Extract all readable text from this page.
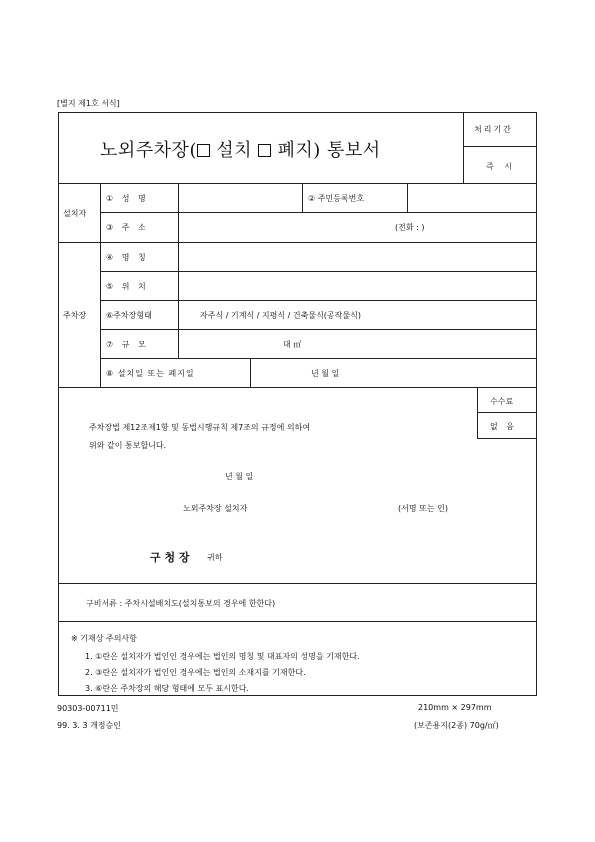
[별지 제1호 서식]
노외주차장( 설치 폐지) 통보서
처리기간
즉 시
설치자
① 성 명	② 주민등록번호
③ 주 소	(전화 : )
주차장
④ 명 칭
⑤ 위 치
⑥주차장형태	자주식 / 기계식 / 지평식 / 건축물식(공작물식)
⑦ 규 모	대 ㎡
⑧ 설치일 또는 폐지일	년 월 일
수수료
없 음
주차장법 제12조제1항 및 동법시행규칙 제7조의 규정에 의하여
위와 같이 통보합니다.
년 월 일
노외주차장 설치자	(서명 또는 인)
구 청 장 귀하
구비서류 : 주차시설배치도(설치통보의 경우에 한한다)
※ 기재상 주의사항
1. ①란은 설치자가 법인인 경우에는 법인의 명칭 및 대표자의 성명을 기재한다.
2. ③란은 설치자가 법인인 경우에는 법인의 소재지를 기재한다.
3. ⑥란은 주차장의 해당 형태에 모두 표시한다.
90303-00711민	210mm × 297mm
99. 3. 3 개정승인	(보존용지(2종) 70g/㎡)
